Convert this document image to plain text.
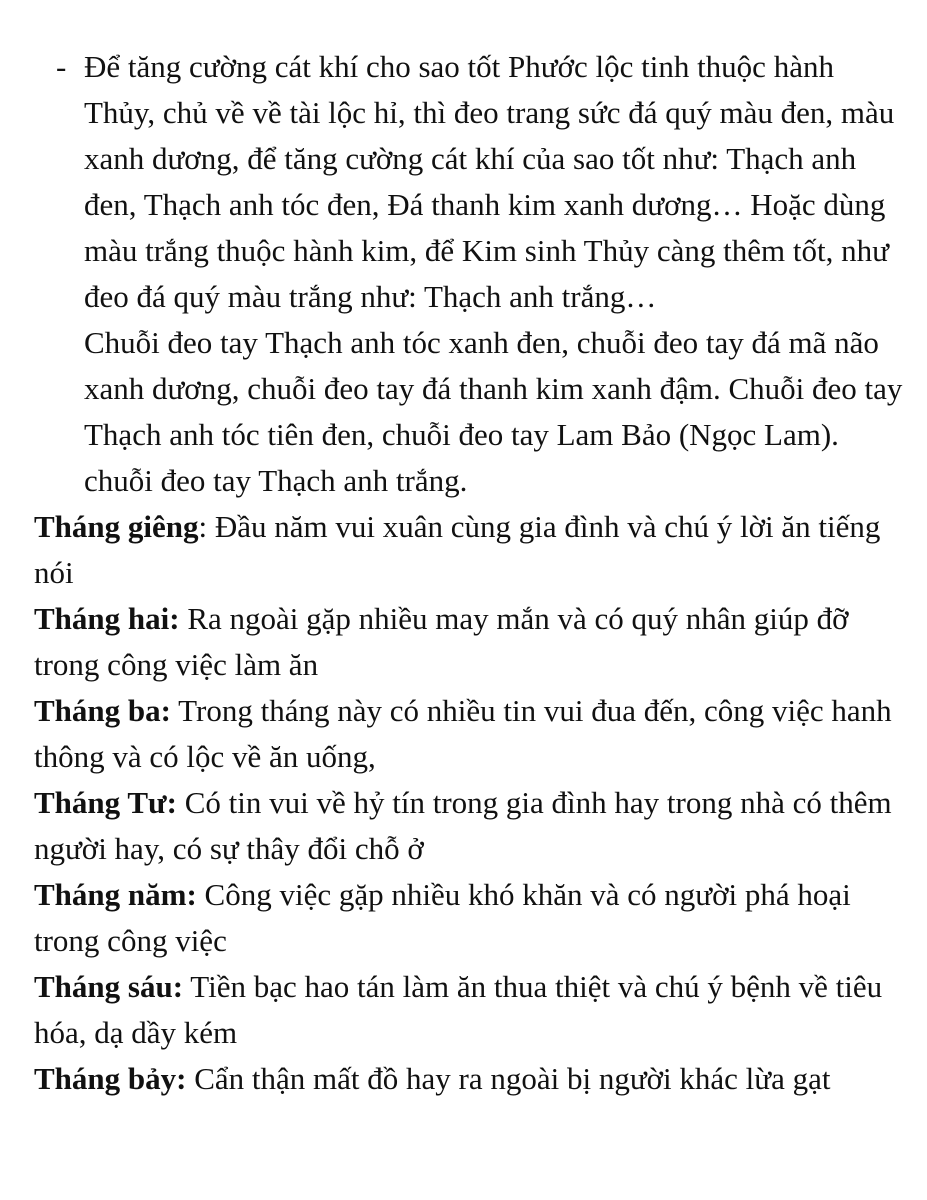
- Để tăng cường cát khí cho sao tốt Phước lộc tinh thuộc hành Thủy, chủ về về tài lộc hỉ, thì đeo trang sức đá quý màu đen, màu xanh dương, để tăng cường cát khí của sao tốt như: Thạch anh đen, Thạch anh tóc đen, Đá thanh kim xanh dương… Hoặc dùng màu trắng thuộc hành kim, để Kim sinh Thủy càng thêm tốt, như đeo đá quý màu trắng như: Thạch anh trắng…
Chuỗi đeo tay Thạch anh tóc xanh đen, chuỗi đeo tay đá mã não xanh dương, chuỗi đeo tay đá thanh kim xanh đậm. Chuỗi đeo tay Thạch anh tóc tiên đen, chuỗi đeo tay Lam Bảo (Ngọc Lam). chuỗi đeo tay Thạch anh trắng.

Tháng giêng: Đầu năm vui xuân cùng gia đình và chú ý lời ăn tiếng nói

Tháng hai: Ra ngoài gặp nhiều may mắn và có quý nhân giúp đỡ trong công việc làm ăn

Tháng ba: Trong tháng này có nhiều tin vui đua đến, công việc hanh thông và có lộc về ăn uống,

Tháng Tư: Có tin vui về hỷ tín trong gia đình hay trong nhà có thêm người hay, có sự thây đổi chỗ ở

Tháng năm: Công việc gặp nhiều khó khăn và có người phá hoại trong công việc

Tháng sáu: Tiền bạc hao tán làm ăn thua thiệt và chú ý bệnh về tiêu hóa, dạ dầy kém

Tháng bảy: Cẩn thận mất đồ hay ra ngoài bị người khác lừa gạt
